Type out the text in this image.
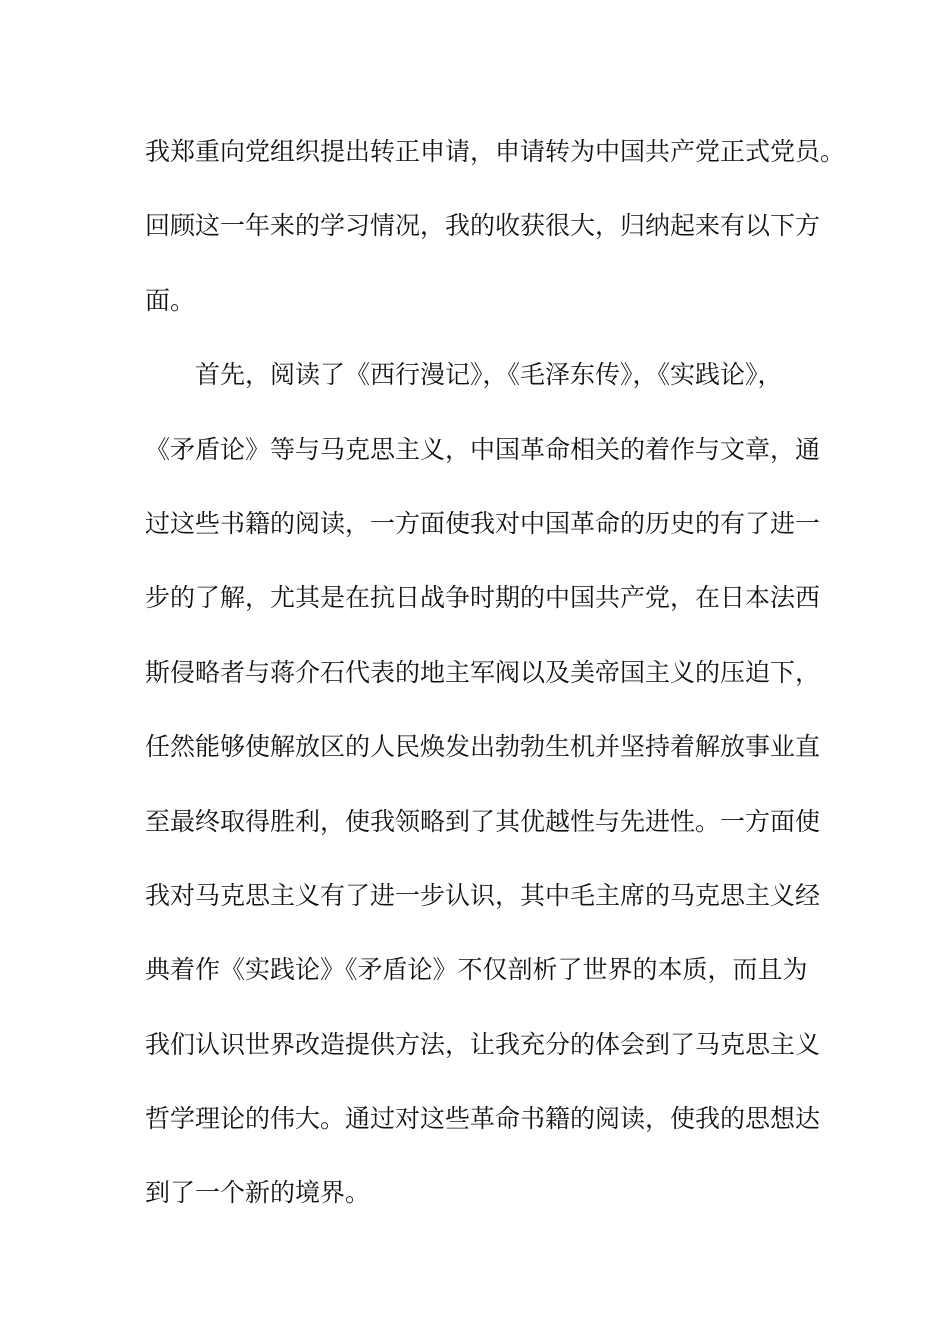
我郑重向党组织提出转正申请，申请转为中国共产党正式党员。
回顾这一年来的学习情况，我的收获很大，归纳起来有以下方
面。
首先，阅读了《西行漫记》，《毛泽东传》，《实践论》，
《矛盾论》等与马克思主义，中国革命相关的着作与文章，通
过这些书籍的阅读，一方面使我对中国革命的历史的有了进一
步的了解，尤其是在抗日战争时期的中国共产党，在日本法西
斯侵略者与蒋介石代表的地主军阀以及美帝国主义的压迫下，
任然能够使解放区的人民焕发出勃勃生机并坚持着解放事业直
至最终取得胜利，使我领略到了其优越性与先进性。一方面使
我对马克思主义有了进一步认识，其中毛主席的马克思主义经
典着作《实践论》《矛盾论》不仅剖析了世界的本质，而且为
我们认识世界改造提供方法，让我充分的体会到了马克思主义
哲学理论的伟大。通过对这些革命书籍的阅读，使我的思想达
到了一个新的境界。
